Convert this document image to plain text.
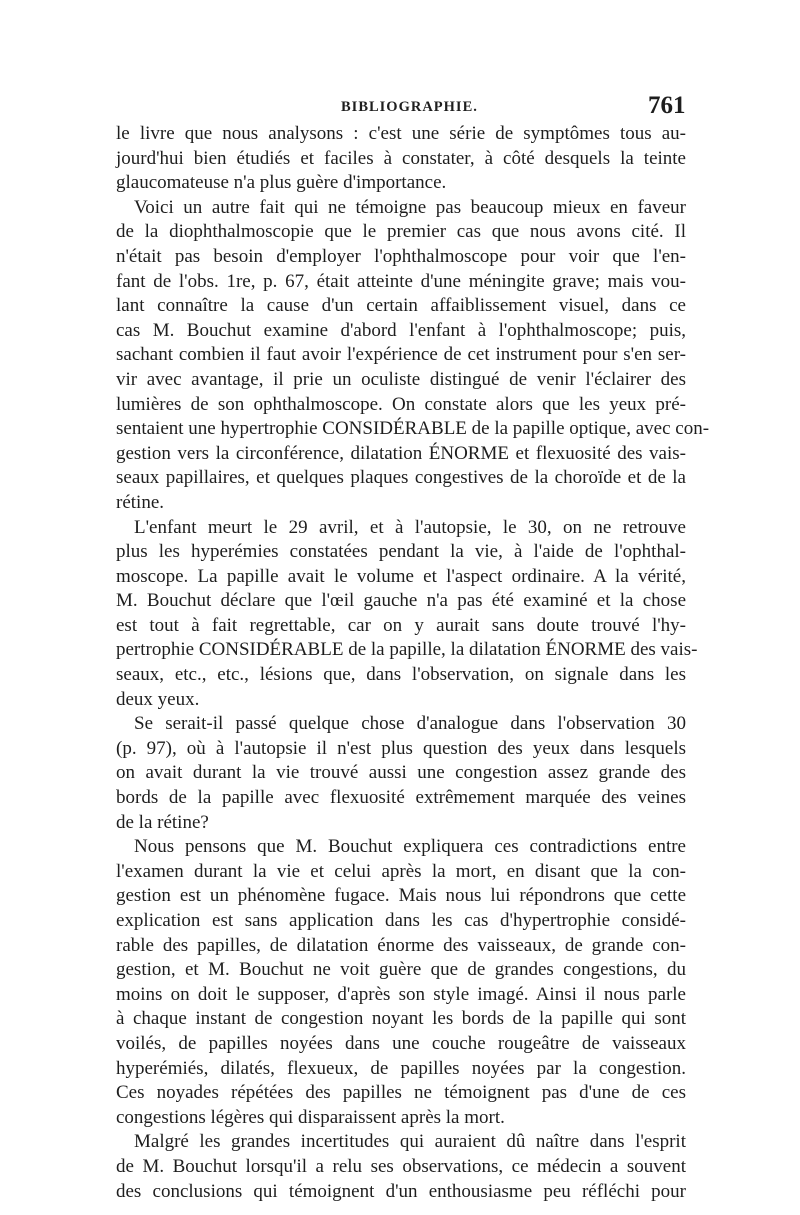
BIBLIOGRAPHIE.	761
le livre que nous analysons : c'est une série de symptômes tous au-
jourd'hui bien étudiés et faciles à constater, à côté desquels la teinte
glaucomateuse n'a plus guère d'importance.
Voici un autre fait qui ne témoigne pas beaucoup mieux en faveur
de la diophthalmoscopie que le premier cas que nous avons cité. Il
n'était pas besoin d'employer l'ophthalmoscope pour voir que l'en-
fant de l'obs. 1re, p. 67, était atteinte d'une méningite grave; mais vou-
lant connaître la cause d'un certain affaiblissement visuel, dans ce
cas M. Bouchut examine d'abord l'enfant à l'ophthalmoscope; puis,
sachant combien il faut avoir l'expérience de cet instrument pour s'en ser-
vir avec avantage, il prie un oculiste distingué de venir l'éclairer des
lumières de son ophthalmoscope. On constate alors que les yeux pré-
sentaient une hypertrophie CONSIDÉRABLE de la papille optique, avec con-
gestion vers la circonférence, dilatation ÉNORME et flexuosité des vais-
seaux papillaires, et quelques plaques congestives de la choroïde et de la
rétine.
L'enfant meurt le 29 avril, et à l'autopsie, le 30, on ne retrouve
plus les hyperémies constatées pendant la vie, à l'aide de l'ophthal-
moscope. La papille avait le volume et l'aspect ordinaire. A la vérité,
M. Bouchut déclare que l'œil gauche n'a pas été examiné et la chose
est tout à fait regrettable, car on y aurait sans doute trouvé l'hy-
pertrophie CONSIDÉRABLE de la papille, la dilatation ÉNORME des vais-
seaux, etc., etc., lésions que, dans l'observation, on signale dans les
deux yeux.
Se serait-il passé quelque chose d'analogue dans l'observation 30
(p. 97), où à l'autopsie il n'est plus question des yeux dans lesquels
on avait durant la vie trouvé aussi une congestion assez grande des
bords de la papille avec flexuosité extrêmement marquée des veines
de la rétine?
Nous pensons que M. Bouchut expliquera ces contradictions entre
l'examen durant la vie et celui après la mort, en disant que la con-
gestion est un phénomène fugace. Mais nous lui répondrons que cette
explication est sans application dans les cas d'hypertrophie considé-
rable des papilles, de dilatation énorme des vaisseaux, de grande con-
gestion, et M. Bouchut ne voit guère que de grandes congestions, du
moins on doit le supposer, d'après son style imagé. Ainsi il nous parle
à chaque instant de congestion noyant les bords de la papille qui sont
voilés, de papilles noyées dans une couche rougeâtre de vaisseaux
hyperémiés, dilatés, flexueux, de papilles noyées par la congestion.
Ces noyades répétées des papilles ne témoignent pas d'une de ces
congestions légères qui disparaissent après la mort.
Malgré les grandes incertitudes qui auraient dû naître dans l'esprit
de M. Bouchut lorsqu'il a relu ses observations, ce médecin a souvent
des conclusions qui témoignent d'un enthousiasme peu réfléchi pour
